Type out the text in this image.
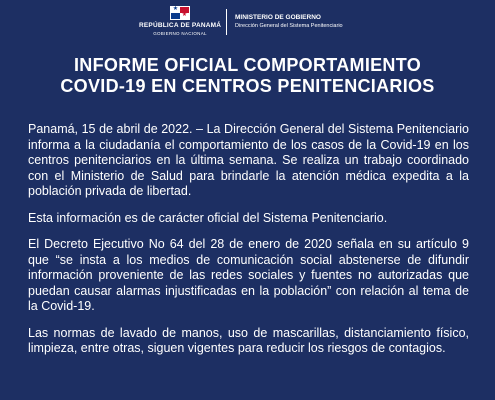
★
★
REPÚBLICA DE PANAMÁ
GOBIERNO NACIONAL
MINISTERIO DE GOBIERNO
Dirección General del Sistema Penitenciario
INFORME OFICIAL COMPORTAMIENTO
COVID-19 EN CENTROS PENITENCIARIOS

Panamá, 15 de abril de 2022. – La Dirección General del Sistema Penitenciario informa a la ciudadanía el comportamiento de los casos de la Covid-19 en los centros penitenciarios en la última semana. Se realiza un trabajo coordinado con el Ministerio de Salud para brindarle la atención médica expedita a la población privada de libertad.

Esta información es de carácter oficial del Sistema Penitenciario.

El Decreto Ejecutivo No 64 del 28 de enero de 2020 señala en su artículo 9 que “se insta a los medios de comunicación social abstenerse de difundir información proveniente de las redes sociales y fuentes no autorizadas que puedan causar alarmas injustificadas en la población” con relación al tema de la Covid-19.

Las normas de lavado de manos, uso de mascarillas, distanciamiento físico, limpieza, entre otras, siguen vigentes para reducir los riesgos de contagios.
